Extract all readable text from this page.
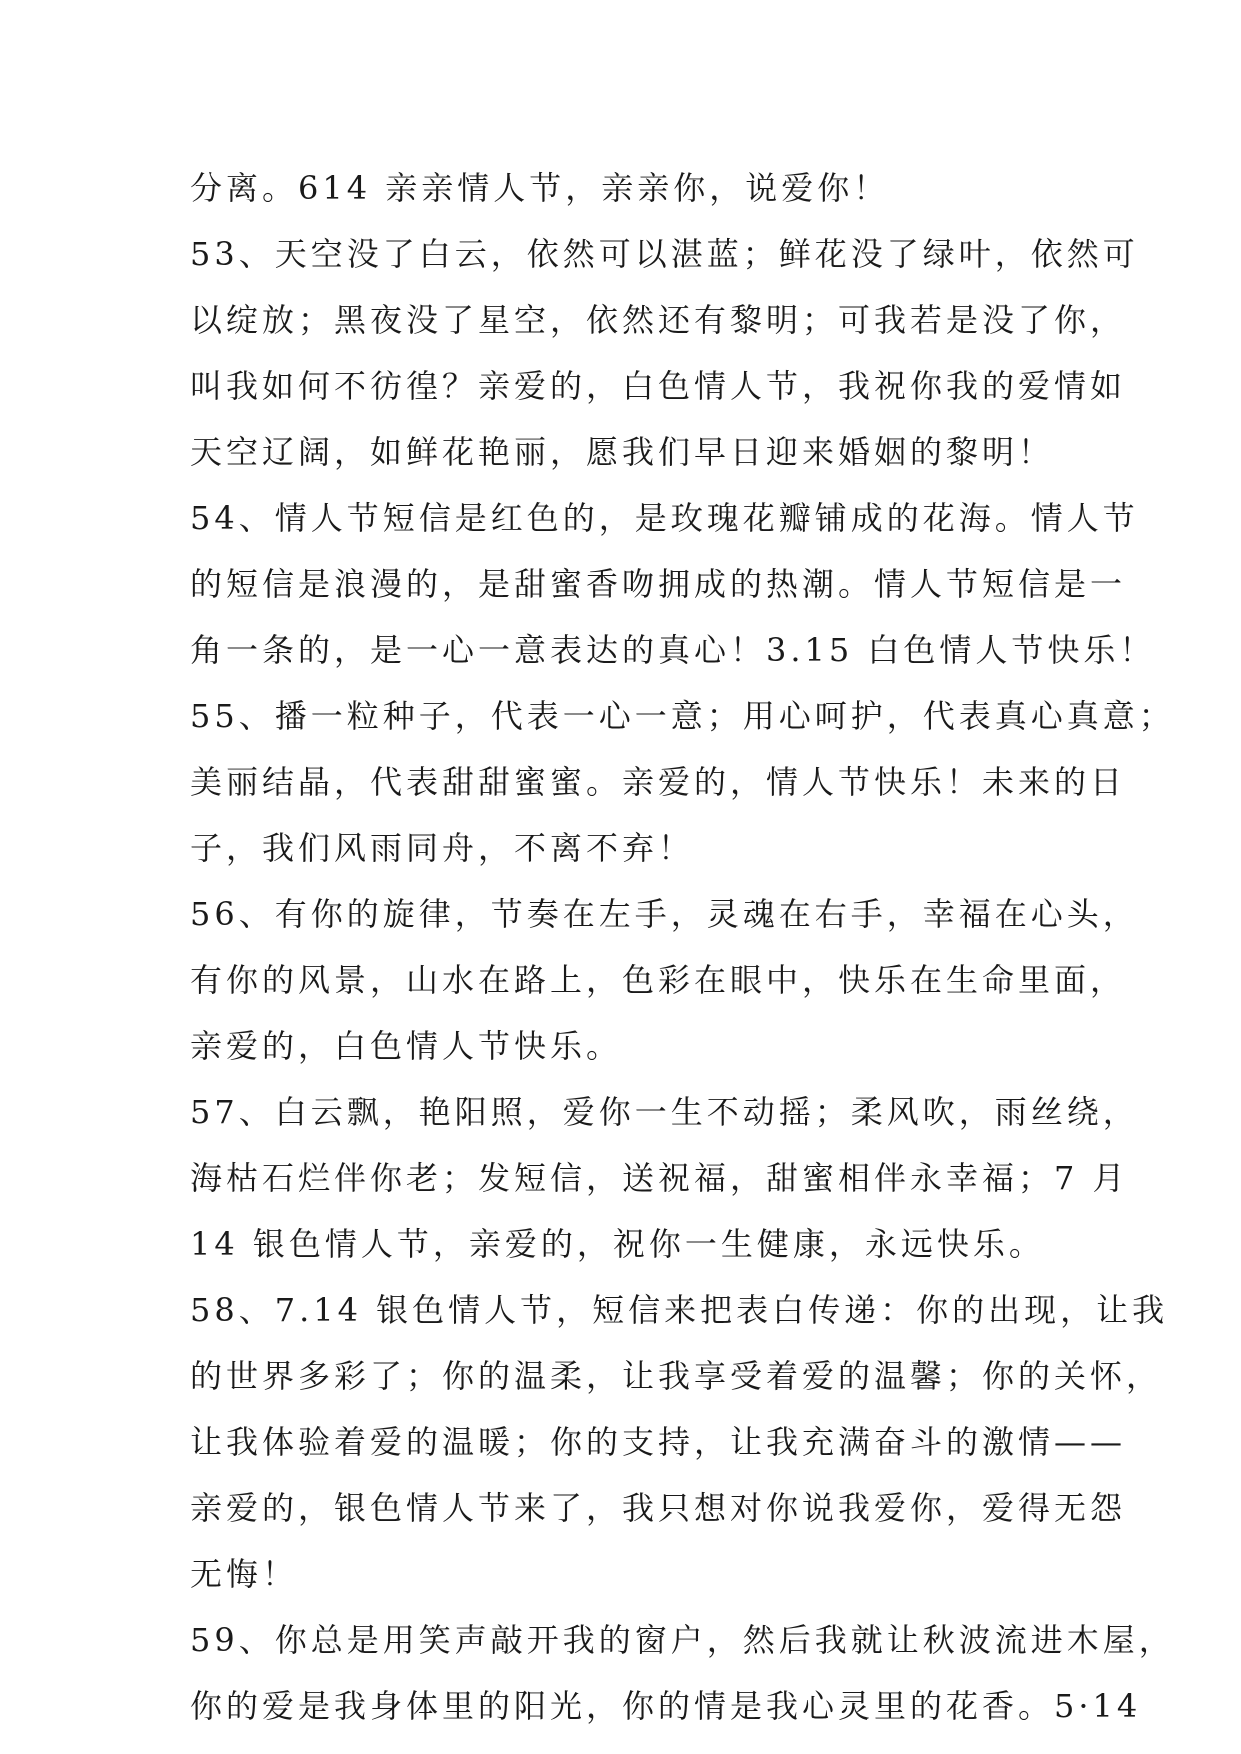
分离。614 亲亲情人节，亲亲你，说爱你！
53、天空没了白云，依然可以湛蓝；鲜花没了绿叶，依然可
以绽放；黑夜没了星空，依然还有黎明；可我若是没了你，
叫我如何不彷徨？亲爱的，白色情人节，我祝你我的爱情如
天空辽阔，如鲜花艳丽，愿我们早日迎来婚姻的黎明！
54、情人节短信是红色的，是玫瑰花瓣铺成的花海。情人节
的短信是浪漫的，是甜蜜香吻拥成的热潮。情人节短信是一
角一条的，是一心一意表达的真心！3.15 白色情人节快乐！
55、播一粒种子，代表一心一意；用心呵护，代表真心真意；
美丽结晶，代表甜甜蜜蜜。亲爱的，情人节快乐！未来的日
子，我们风雨同舟，不离不弃！
56、有你的旋律，节奏在左手，灵魂在右手，幸福在心头，
有你的风景，山水在路上，色彩在眼中，快乐在生命里面，
亲爱的，白色情人节快乐。
57、白云飘，艳阳照，爱你一生不动摇；柔风吹，雨丝绕，
海枯石烂伴你老；发短信，送祝福，甜蜜相伴永幸福；7 月
14 银色情人节，亲爱的，祝你一生健康，永远快乐。
58、7.14 银色情人节，短信来把表白传递：你的出现，让我
的世界多彩了；你的温柔，让我享受着爱的温馨；你的关怀，
让我体验着爱的温暖；你的支持，让我充满奋斗的激情——
亲爱的，银色情人节来了，我只想对你说我爱你，爱得无怨
无悔！
59、你总是用笑声敲开我的窗户，然后我就让秋波流进木屋，
你的爱是我身体里的阳光，你的情是我心灵里的花香。5·14
